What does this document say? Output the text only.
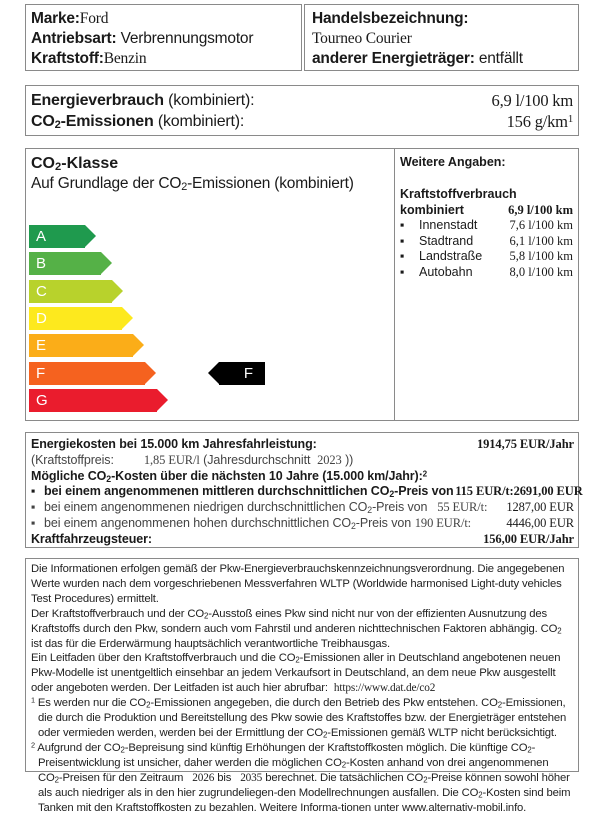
Marke:Ford
Antriebsart: Verbrennungsmotor
Kraftstoff:Benzin
Handelsbezeichnung:
Tourneo Courier
anderer Energieträger: entfällt
Energieverbrauch (kombiniert):	6,9 l/100 km
$CO_2$-Emissionen (kombiniert):	156 $g/km^1$
$CO_2$-Klasse
Auf Grundlage der $CO_2$-Emissionen (kombiniert)
A
B
C
D
E
F
G
F
Weitere Angaben:
Kraftstoffverbrauch
kombiniert	6,9 l/100 km
▪	Innenstadt	7,6 l/100 km
▪	Stadtrand	6,1 l/100 km
▪	Landstraße 5,8 l/100 km
▪	Autobahn	8,0 l/100 km
Energiekosten bei 15.000 km Jahresfahrleistung:	1914,75 EUR/Jahr
(Kraftstoffpreis: 1,85 EUR/l (Jahresdurchschnitt 2023 ))
Mögliche $CO_2$-Kosten über die nächsten 10 Jahre (15.000 km/Jahr):$^2$
▪ bei einem angenommenen mittleren durchschnittlichen $CO_2$-Preis von 115 EUR/t: 2691,00 EUR
▪ bei einem angenommenen niedrigen durchschnittlichen $CO_2$-Preis von 55 EUR/t: 1287,00 EUR
▪ bei einem angenommenen hohen durchschnittlichen $CO_2$-Preis von 190 EUR/t:	4446,00 EUR
Kraftfahrzeugsteuer:	156,00 EUR/Jahr

Die Informationen erfolgen gemäß der Pkw-Energieverbrauchskennzeichnungsverordnung. Die angegebenen Werte wurden nach dem vorgeschriebenen Messverfahren WLTP (Worldwide harmonised Light-duty vehicles Test Procedures) ermittelt.

Der Kraftstoffverbrauch und der $CO_2$-Ausstoß eines Pkw sind nicht nur von der effizienten Ausnutzung des Kraftstoffs durch den Pkw, sondern auch vom Fahrstil und anderen nichttechnischen Faktoren abhängig. $CO_2$ ist das für die Erderwärmung hauptsächlich verantwortliche Treibhausgas.

Ein Leitfaden über den Kraftstoffverbrauch und die $CO_2$-Emissionen aller in Deutschland angebotenen neuen Pkw-Modelle ist unentgeltlich einsehbar an jedem Verkaufsort in Deutschland, an dem neue Pkw ausgestellt oder angeboten werden. Der Leitfaden ist auch hier abrufbar: https://www.dat.de/co2

$^1$ Es werden nur die $CO_2$-Emissionen angegeben, die durch den Betrieb des Pkw entstehen. $CO_2$-Emissionen, die durch die Produktion und Bereitstellung des Pkw sowie des Kraftstoffes bzw. der Energieträger entstehen oder vermieden werden, werden bei der Ermittlung der $CO_2$-Emissionen gemäß WLTP nicht berücksichtigt.

$^2$ Aufgrund der $CO_2$-Bepreisung sind künftig Erhöhungen der Kraftstoffkosten möglich. Die künftige $CO_2$-Preisentwicklung ist unsicher, daher werden die möglichen $CO_2$-Kosten anhand von drei angenommenen $CO_2$-Preisen für den Zeitraum 2026 bis 2035 berechnet. Die tatsächlichen $CO_2$-Preise können sowohl höher als auch niedriger als in den hier zugrundeliegen-den Modellrechnungen ausfallen. Die $CO_2$-Kosten sind beim Tanken mit den Kraftstoffkosten zu bezahlen. Weitere Informa-tionen unter www.alternativ-mobil.info.
